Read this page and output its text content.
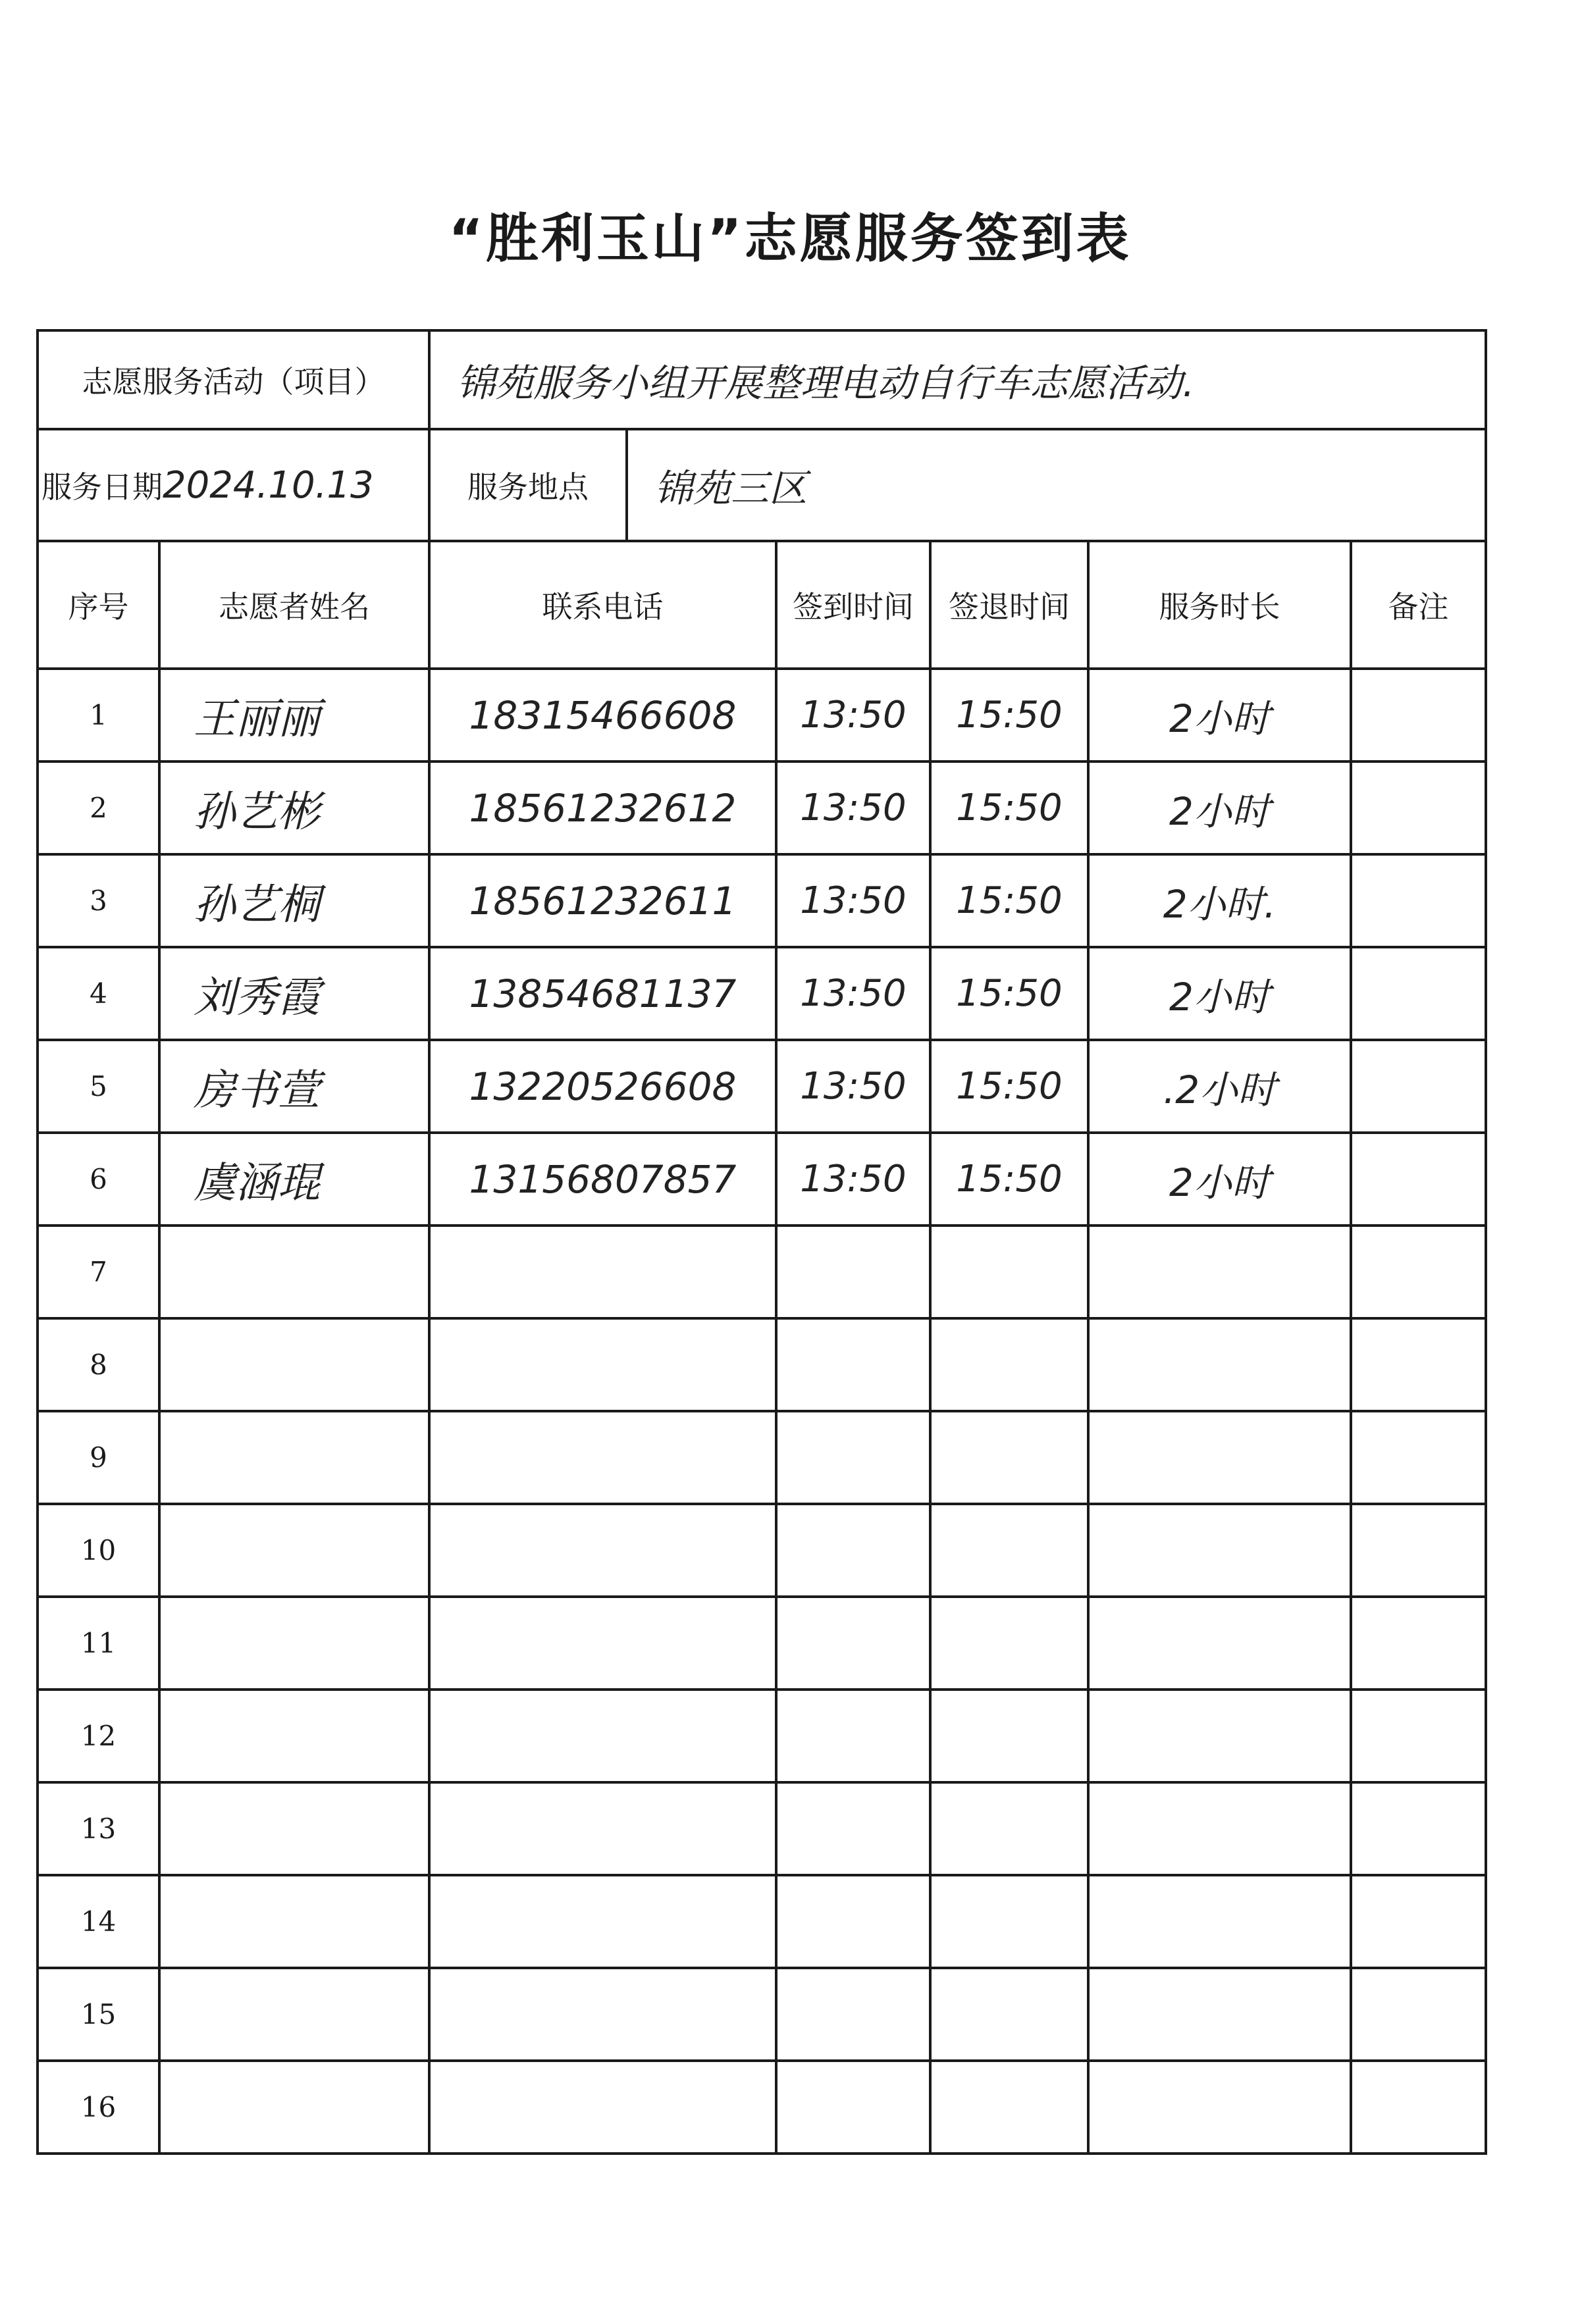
“胜利玉山”志愿服务签到表
志愿服务活动（项目）		锦苑服务小组开展整理电动自行车志愿活动.					
服务日期2024.10.13		服务地点	锦苑三区				
序号	志愿者姓名	联系电话		签到时间	签退时间	服务时长	备注
1	王丽丽	18315466608		13:50	15:50	2小时	
2	孙艺彬	18561232612		13:50	15:50	2小时	
3	孙艺桐	18561232611		13:50	15:50	2小时.	
4	刘秀霞	13854681137		13:50	15:50	2小时	
5	房书萱	13220526608		13:50	15:50	.2小时	
6	虞涵琨	13156807857		13:50	15:50	2小时	
7							
8							
9							
10							
11							
12							
13							
14							
15							
16							
